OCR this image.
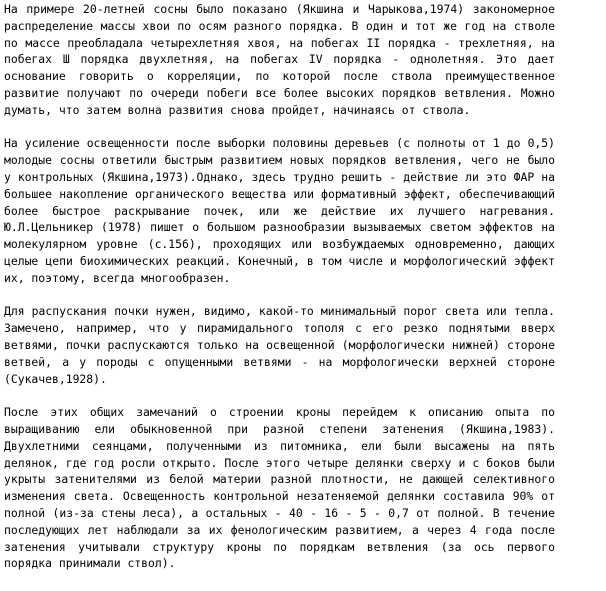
На примере 20-летней сосны было показано (Якшина и Чарыкова,1974) закономерное распределение массы хвои по осям разного порядка. В один и тот же год на стволе по массе преобладала четырехлетняя хвоя, на побегах II порядка - трехлетняя, на побегах Ш порядка двухлетняя, на побегах IV порядка - однолетняя. Это дает основание говорить о корреляции, по которой после ствола преимущественное развитие получают по очереди побеги все более высоких порядков ветвления. Можно думать, что затем волна развития снова пройдет, начинаясь от ствола.

На усиление освещенности после выборки половины деревьев (с полноты от 1 до 0,5) молодые сосны ответили быстрым развитием новых порядков ветвления, чего не было у контрольных (Якшина,1973).Однако, здесь трудно решить - действие ли это ФАР на большее накопление органического вещества или формативный эффект, обеспечивающий более быстрое раскрывание почек, или же действие их лучшего нагревания. Ю.Л.Цельникер (1978) пишет о большом разнообразии вызываемых светом эффектов на молекулярном уровне (с.156), проходящих или возбуждаемых одновременно, дающих целые цепи биохимических реакций. Конечный, в том числе и морфологический эффект их, поэтому, всегда многообразен.

Для распускания почки нужен, видимо, какой-то минимальный порог света или тепла. Замечено, например, что у пирамидального тополя с его резко поднятыми вверх ветвями, почки распускаются только на освещенной (морфологически нижней) стороне ветвей, а у породы с опущенными ветвями - на морфологически верхней стороне (Сукачев,1928).

После этих общих замечаний о строении кроны перейдем к описанию опыта по выращиванию ели обыкновенной при разной степени затенения (Якшина,1983). Двухлетними сеянцами, полученными из питомника, ели были высажены на пять делянок, где год росли открыто. После этого четыре делянки сверху и с боков были укрыты затенителями из белой материи разной плотности, не дающей селективного изменения света. Освещенность контрольной незатеняемой делянки составила 90% от полной (из-за стены леса), а остальных - 40 - 16 - 5 - 0,7 от полной. В течение последующих лет наблюдали за их фенологическим развитием, а через 4 года после затенения учитывали структуру кроны по порядкам ветвления (за ось первого порядка принимали ствол).
